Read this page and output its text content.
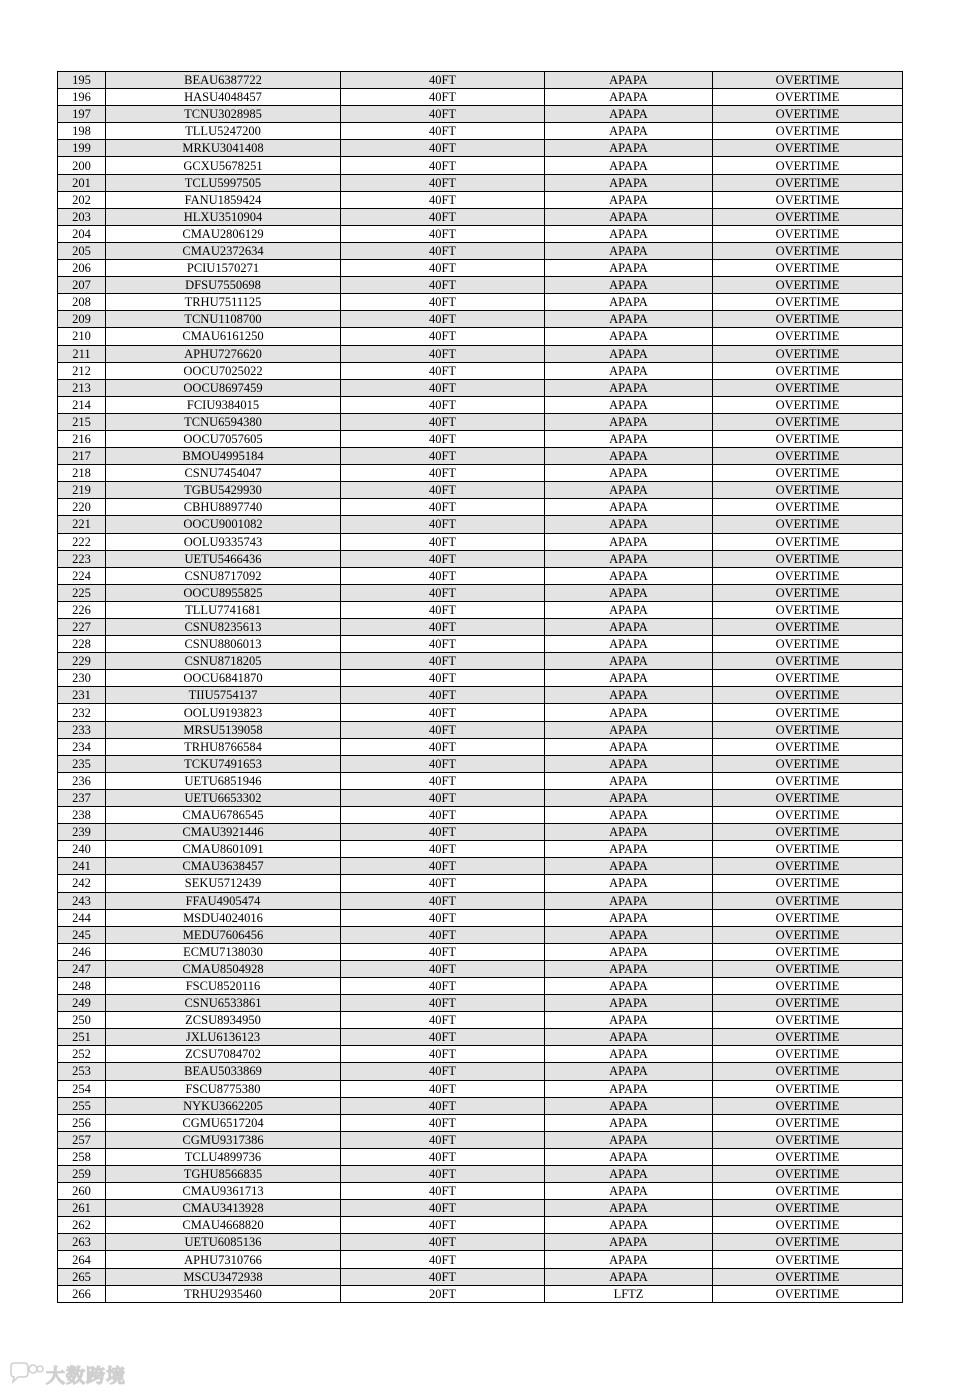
195	BEAU6387722	40FT	APAPA	OVERTIME
196	HASU4048457	40FT	APAPA	OVERTIME
197	TCNU3028985	40FT	APAPA	OVERTIME
198	TLLU5247200	40FT	APAPA	OVERTIME
199	MRKU3041408	40FT	APAPA	OVERTIME
200	GCXU5678251	40FT	APAPA	OVERTIME
201	TCLU5997505	40FT	APAPA	OVERTIME
202	FANU1859424	40FT	APAPA	OVERTIME
203	HLXU3510904	40FT	APAPA	OVERTIME
204	CMAU2806129	40FT	APAPA	OVERTIME
205	CMAU2372634	40FT	APAPA	OVERTIME
206	PCIU1570271	40FT	APAPA	OVERTIME
207	DFSU7550698	40FT	APAPA	OVERTIME
208	TRHU7511125	40FT	APAPA	OVERTIME
209	TCNU1108700	40FT	APAPA	OVERTIME
210	CMAU6161250	40FT	APAPA	OVERTIME
211	APHU7276620	40FT	APAPA	OVERTIME
212	OOCU7025022	40FT	APAPA	OVERTIME
213	OOCU8697459	40FT	APAPA	OVERTIME
214	FCIU9384015	40FT	APAPA	OVERTIME
215	TCNU6594380	40FT	APAPA	OVERTIME
216	OOCU7057605	40FT	APAPA	OVERTIME
217	BMOU4995184	40FT	APAPA	OVERTIME
218	CSNU7454047	40FT	APAPA	OVERTIME
219	TGBU5429930	40FT	APAPA	OVERTIME
220	CBHU8897740	40FT	APAPA	OVERTIME
221	OOCU9001082	40FT	APAPA	OVERTIME
222	OOLU9335743	40FT	APAPA	OVERTIME
223	UETU5466436	40FT	APAPA	OVERTIME
224	CSNU8717092	40FT	APAPA	OVERTIME
225	OOCU8955825	40FT	APAPA	OVERTIME
226	TLLU7741681	40FT	APAPA	OVERTIME
227	CSNU8235613	40FT	APAPA	OVERTIME
228	CSNU8806013	40FT	APAPA	OVERTIME
229	CSNU8718205	40FT	APAPA	OVERTIME
230	OOCU6841870	40FT	APAPA	OVERTIME
231	TIIU5754137	40FT	APAPA	OVERTIME
232	OOLU9193823	40FT	APAPA	OVERTIME
233	MRSU5139058	40FT	APAPA	OVERTIME
234	TRHU8766584	40FT	APAPA	OVERTIME
235	TCKU7491653	40FT	APAPA	OVERTIME
236	UETU6851946	40FT	APAPA	OVERTIME
237	UETU6653302	40FT	APAPA	OVERTIME
238	CMAU6786545	40FT	APAPA	OVERTIME
239	CMAU3921446	40FT	APAPA	OVERTIME
240	CMAU8601091	40FT	APAPA	OVERTIME
241	CMAU3638457	40FT	APAPA	OVERTIME
242	SEKU5712439	40FT	APAPA	OVERTIME
243	FFAU4905474	40FT	APAPA	OVERTIME
244	MSDU4024016	40FT	APAPA	OVERTIME
245	MEDU7606456	40FT	APAPA	OVERTIME
246	ECMU7138030	40FT	APAPA	OVERTIME
247	CMAU8504928	40FT	APAPA	OVERTIME
248	FSCU8520116	40FT	APAPA	OVERTIME
249	CSNU6533861	40FT	APAPA	OVERTIME
250	ZCSU8934950	40FT	APAPA	OVERTIME
251	JXLU6136123	40FT	APAPA	OVERTIME
252	ZCSU7084702	40FT	APAPA	OVERTIME
253	BEAU5033869	40FT	APAPA	OVERTIME
254	FSCU8775380	40FT	APAPA	OVERTIME
255	NYKU3662205	40FT	APAPA	OVERTIME
256	CGMU6517204	40FT	APAPA	OVERTIME
257	CGMU9317386	40FT	APAPA	OVERTIME
258	TCLU4899736	40FT	APAPA	OVERTIME
259	TGHU8566835	40FT	APAPA	OVERTIME
260	CMAU9361713	40FT	APAPA	OVERTIME
261	CMAU3413928	40FT	APAPA	OVERTIME
262	CMAU4668820	40FT	APAPA	OVERTIME
263	UETU6085136	40FT	APAPA	OVERTIME
264	APHU7310766	40FT	APAPA	OVERTIME
265	MSCU3472938	40FT	APAPA	OVERTIME
266	TRHU2935460	20FT	LFTZ	OVERTIME
大数跨境
